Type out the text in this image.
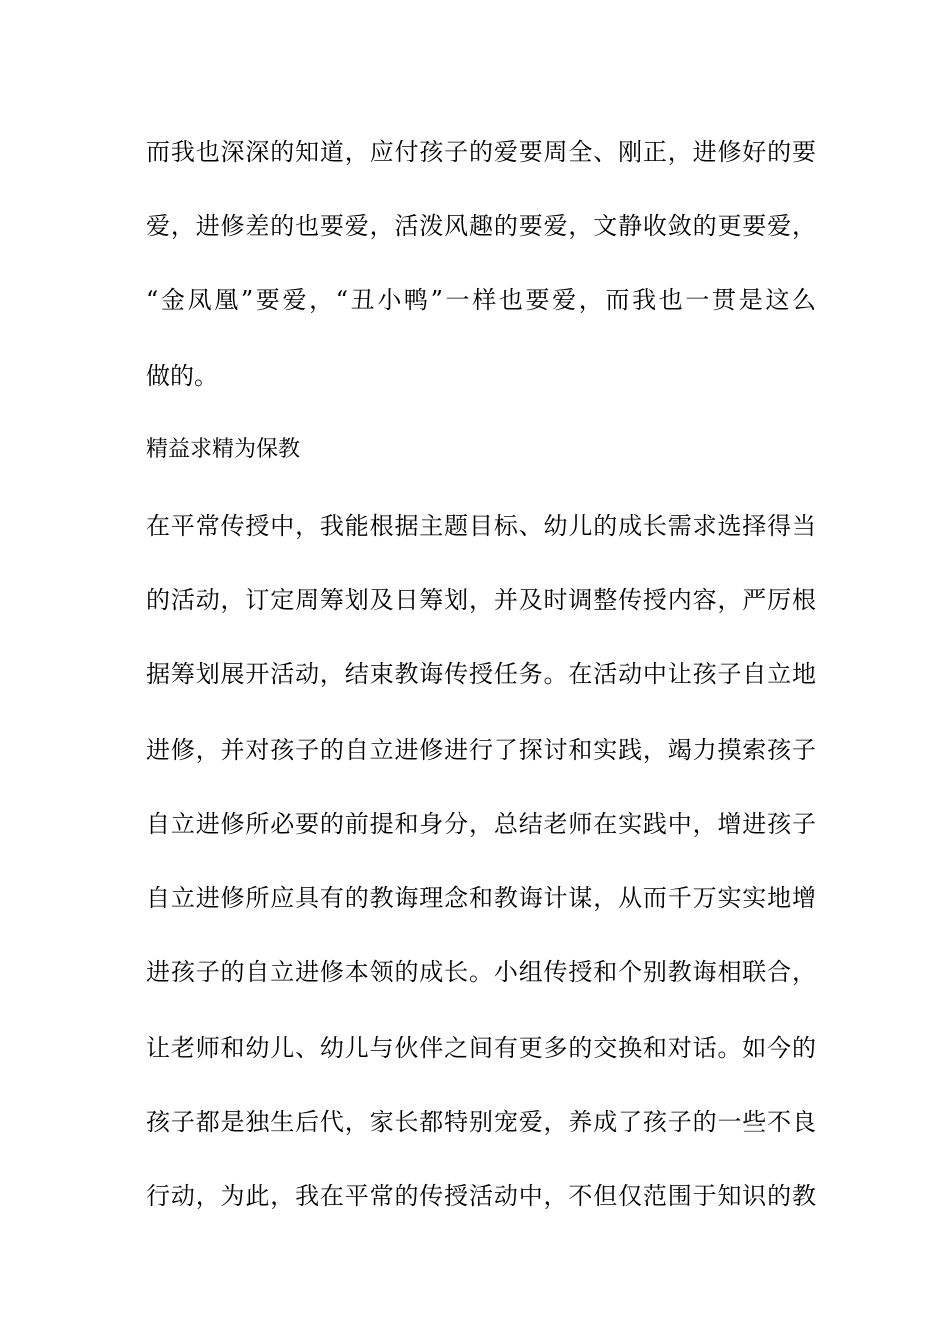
而我也深深的知道，应付孩子的爱要周全、刚正，进修好的要
爱，进修差的也要爱，活泼风趣的要爱，文静收敛的更要爱，
“金凤凰”要爱，“丑小鸭”一样也要爱，而我也一贯是这么
做的。
精益求精为保教
在平常传授中，我能根据主题目标、幼儿的成长需求选择得当
的活动，订定周筹划及日筹划，并及时调整传授内容，严厉根
据筹划展开活动，结束教诲传授任务。在活动中让孩子自立地
进修，并对孩子的自立进修进行了探讨和实践，竭力摸索孩子
自立进修所必要的前提和身分，总结老师在实践中，增进孩子
自立进修所应具有的教诲理念和教诲计谋，从而千万实实地增
进孩子的自立进修本领的成长。小组传授和个别教诲相联合，
让老师和幼儿、幼儿与伙伴之间有更多的交换和对话。如今的
孩子都是独生后代，家长都特别宠爱，养成了孩子的一些不良
行动，为此，我在平常的传授活动中，不但仅范围于知识的教
